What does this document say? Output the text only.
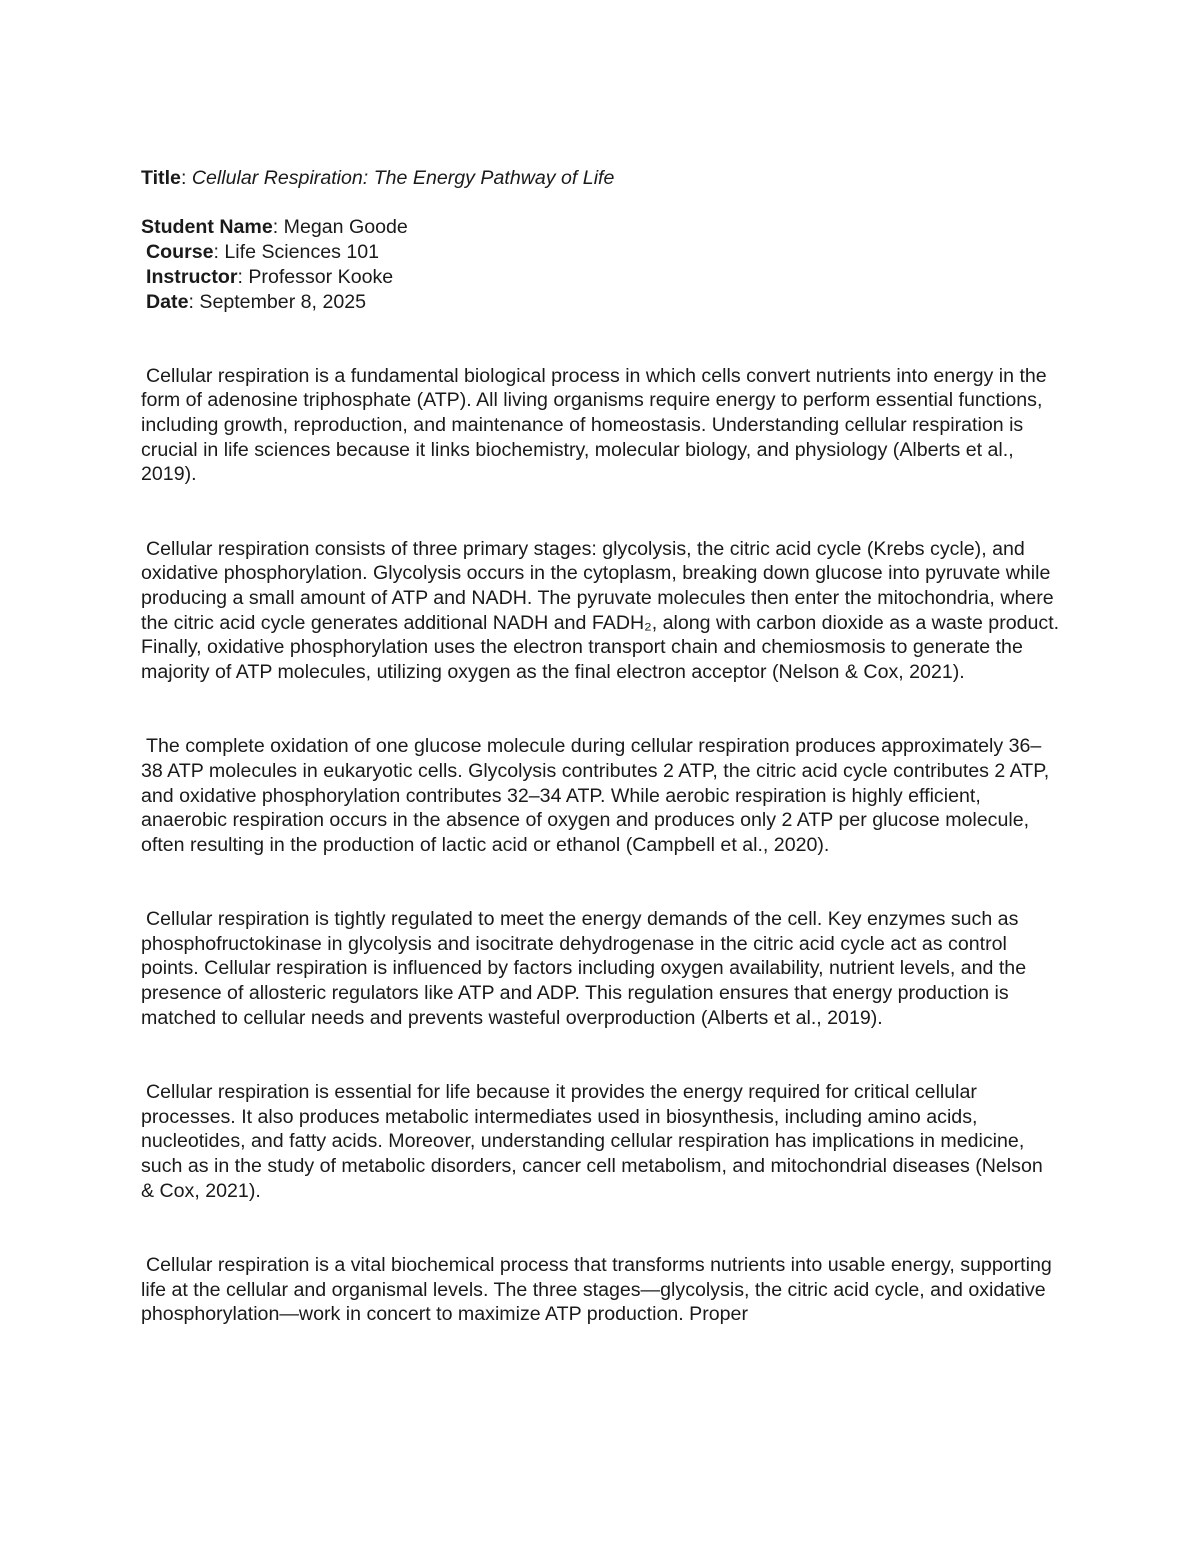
Title: Cellular Respiration: The Energy Pathway of Life

Student Name: Megan Goode

Course: Life Sciences 101

Instructor: Professor Kooke

Date: September 8, 2025

Cellular respiration is a fundamental biological process in which cells convert nutrients into energy in the form of adenosine triphosphate (ATP). All living organisms require energy to perform essential functions, including growth, reproduction, and maintenance of homeostasis. Understanding cellular respiration is crucial in life sciences because it links biochemistry, molecular biology, and physiology (Alberts et al., 2019).

Cellular respiration consists of three primary stages: glycolysis, the citric acid cycle (Krebs cycle), and oxidative phosphorylation. Glycolysis occurs in the cytoplasm, breaking down glucose into pyruvate while producing a small amount of ATP and NADH. The pyruvate molecules then enter the mitochondria, where the citric acid cycle generates additional NADH and FADH₂, along with carbon dioxide as a waste product. Finally, oxidative phosphorylation uses the electron transport chain and chemiosmosis to generate the majority of ATP molecules, utilizing oxygen as the final electron acceptor (Nelson & Cox, 2021).

The complete oxidation of one glucose molecule during cellular respiration produces approximately 36–38 ATP molecules in eukaryotic cells. Glycolysis contributes 2 ATP, the citric acid cycle contributes 2 ATP, and oxidative phosphorylation contributes 32–34 ATP. While aerobic respiration is highly efficient, anaerobic respiration occurs in the absence of oxygen and produces only 2 ATP per glucose molecule, often resulting in the production of lactic acid or ethanol (Campbell et al., 2020).

Cellular respiration is tightly regulated to meet the energy demands of the cell. Key enzymes such as phosphofructokinase in glycolysis and isocitrate dehydrogenase in the citric acid cycle act as control points. Cellular respiration is influenced by factors including oxygen availability, nutrient levels, and the presence of allosteric regulators like ATP and ADP. This regulation ensures that energy production is matched to cellular needs and prevents wasteful overproduction (Alberts et al., 2019).

Cellular respiration is essential for life because it provides the energy required for critical cellular processes. It also produces metabolic intermediates used in biosynthesis, including amino acids, nucleotides, and fatty acids. Moreover, understanding cellular respiration has implications in medicine, such as in the study of metabolic disorders, cancer cell metabolism, and mitochondrial diseases (Nelson & Cox, 2021).

Cellular respiration is a vital biochemical process that transforms nutrients into usable energy, supporting life at the cellular and organismal levels. The three stages—glycolysis, the citric acid cycle, and oxidative phosphorylation—work in concert to maximize ATP production. Proper
